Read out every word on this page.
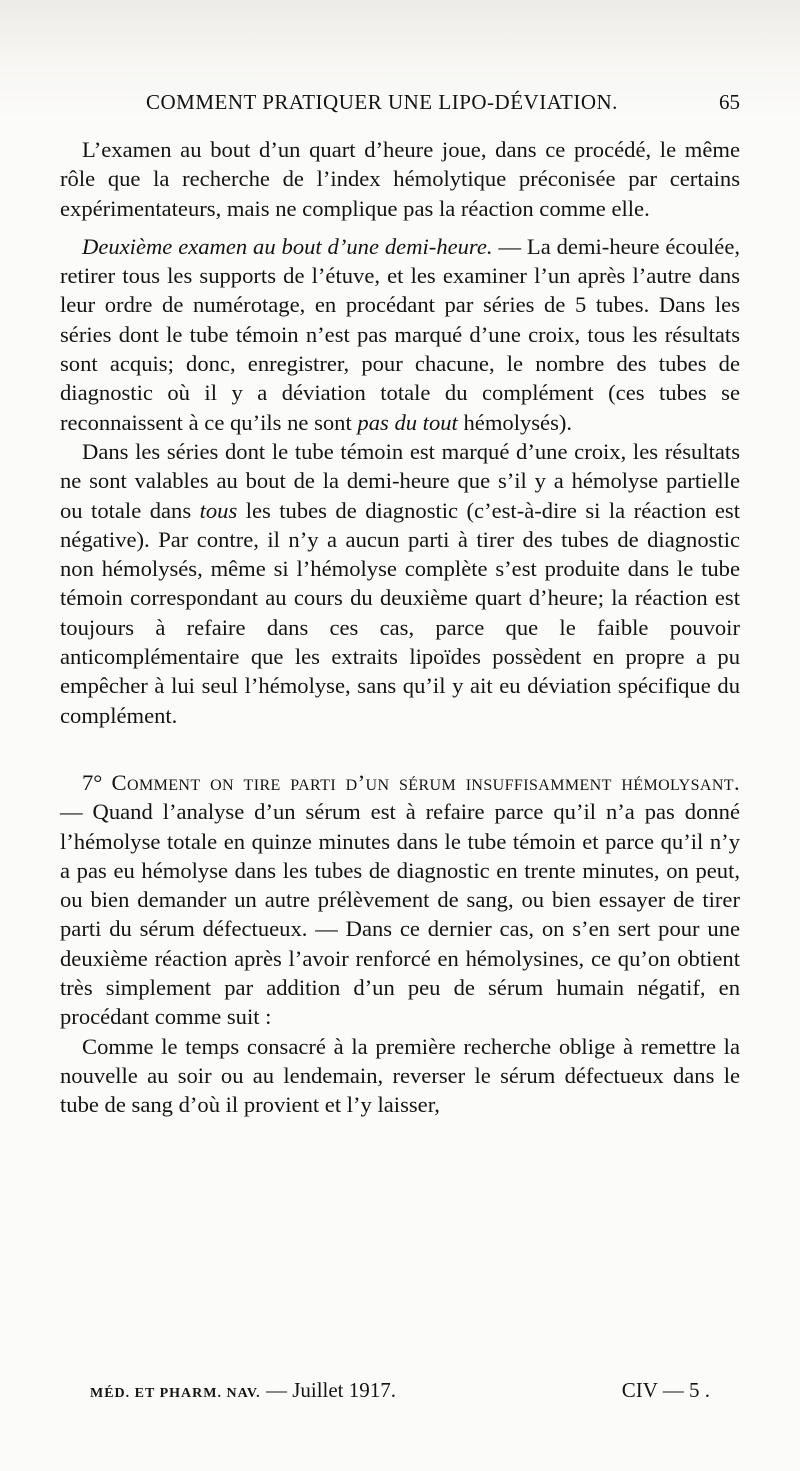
COMMENT PRATIQUER UNE LIPO-DÉVIATION.	65

L’examen au bout d’un quart d’heure joue, dans ce procédé, le même rôle que la recherche de l’index hémolytique préconisée par certains expérimentateurs, mais ne complique pas la réaction comme elle.

Deuxième examen au bout d’une demi-heure. — La demi-heure écoulée, retirer tous les supports de l’étuve, et les examiner l’un après l’autre dans leur ordre de numérotage, en procédant par séries de 5 tubes. Dans les séries dont le tube témoin n’est pas marqué d’une croix, tous les résultats sont acquis; donc, enregistrer, pour chacune, le nombre des tubes de diagnostic où il y a déviation totale du complément (ces tubes se reconnaissent à ce qu’ils ne sont pas du tout hémolysés).

Dans les séries dont le tube témoin est marqué d’une croix, les résultats ne sont valables au bout de la demi-heure que s’il y a hémolyse partielle ou totale dans tous les tubes de diagnostic (c’est-à-dire si la réaction est négative). Par contre, il n’y a aucun parti à tirer des tubes de diagnostic non hémolysés, même si l’hémolyse complète s’est produite dans le tube témoin correspondant au cours du deuxième quart d’heure; la réaction est toujours à refaire dans ces cas, parce que le faible pouvoir anticomplémentaire que les extraits lipoïdes possèdent en propre a pu empêcher à lui seul l’hémolyse, sans qu’il y ait eu déviation spécifique du complément.

7° Comment on tire parti d’un sérum insuffisamment hémolysant. — Quand l’analyse d’un sérum est à refaire parce qu’il n’a pas donné l’hémolyse totale en quinze minutes dans le tube témoin et parce qu’il n’y a pas eu hémolyse dans les tubes de diagnostic en trente minutes, on peut, ou bien demander un autre prélèvement de sang, ou bien essayer de tirer parti du sérum défectueux. — Dans ce dernier cas, on s’en sert pour une deuxième réaction après l’avoir renforcé en hémolysines, ce qu’on obtient très simplement par addition d’un peu de sérum humain négatif, en procédant comme suit :

Comme le temps consacré à la première recherche oblige à remettre la nouvelle au soir ou au lendemain, reverser le sérum défectueux dans le tube de sang d’où il provient et l’y laisser,

MÉD. ET PHARM. NAV. — Juillet 1917.	CIV — 5 .
